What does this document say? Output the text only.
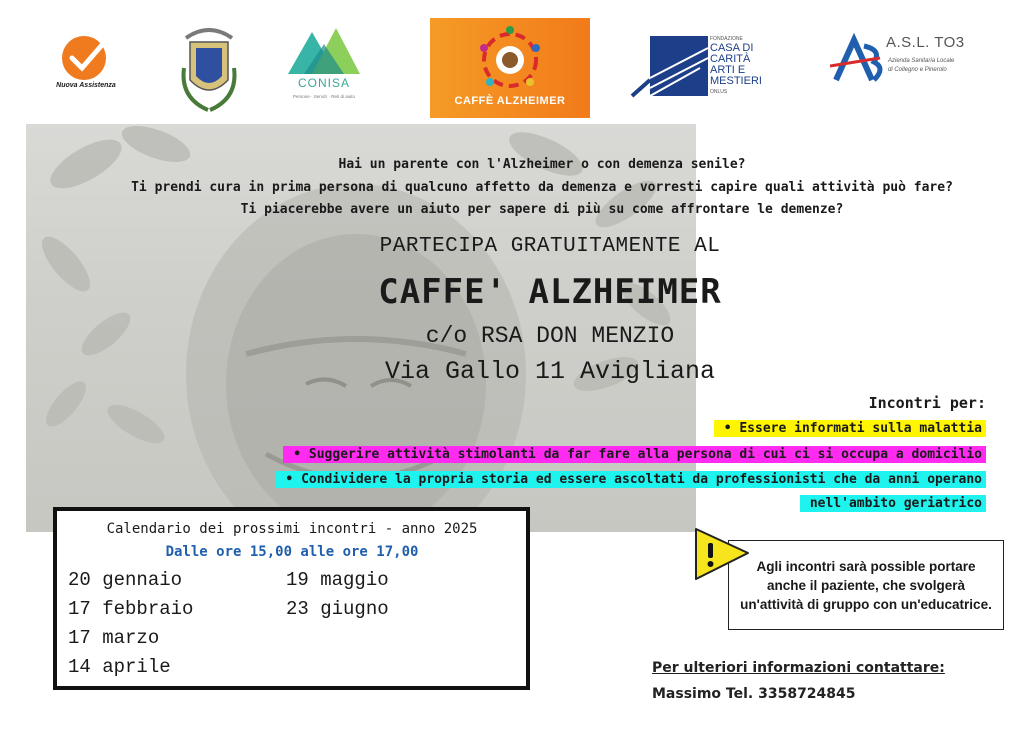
Nuova Assistenza	CONISA
Persone · Servizi · Reti di aiuto	CAFFÈ ALZHEIMER
FONDAZIONE
CASA DI
CARITÀ
ARTI E
MESTIERI
ONLUS
A.S.L. TO3
Azienda Sanitaria Locale
di Collegno e Pinerolo
Hai un parente con l'Alzheimer o con demenza senile?
Ti prendi cura in prima persona di qualcuno affetto da demenza e vorresti capire quali attività può fare?
Ti piacerebbe avere un aiuto per sapere di più su come affrontare le demenze?
PARTECIPA GRATUITAMENTE AL
CAFFE' ALZHEIMER
c/o RSA DON MENZIO
Via Gallo 11 Avigliana
Incontri per:
• Essere informati sulla malattia
• Suggerire attività stimolanti da far fare alla persona di cui ci si occupa a domicilio
• Condividere la propria storia ed essere ascoltati da professionisti che da anni operano
nell'ambito geriatrico
Calendario dei prossimi incontri - anno 2025
Dalle ore 15,00 alle ore 17,00
20 gennaio
17 febbraio
17 marzo
14 aprile
19 maggio
23 giugno
Agli incontri sarà possible portare anche il paziente, che svolgerà un'attività di gruppo con un'educatrice.
Per ulteriori informazioni contattare:
Massimo Tel. 3358724845
